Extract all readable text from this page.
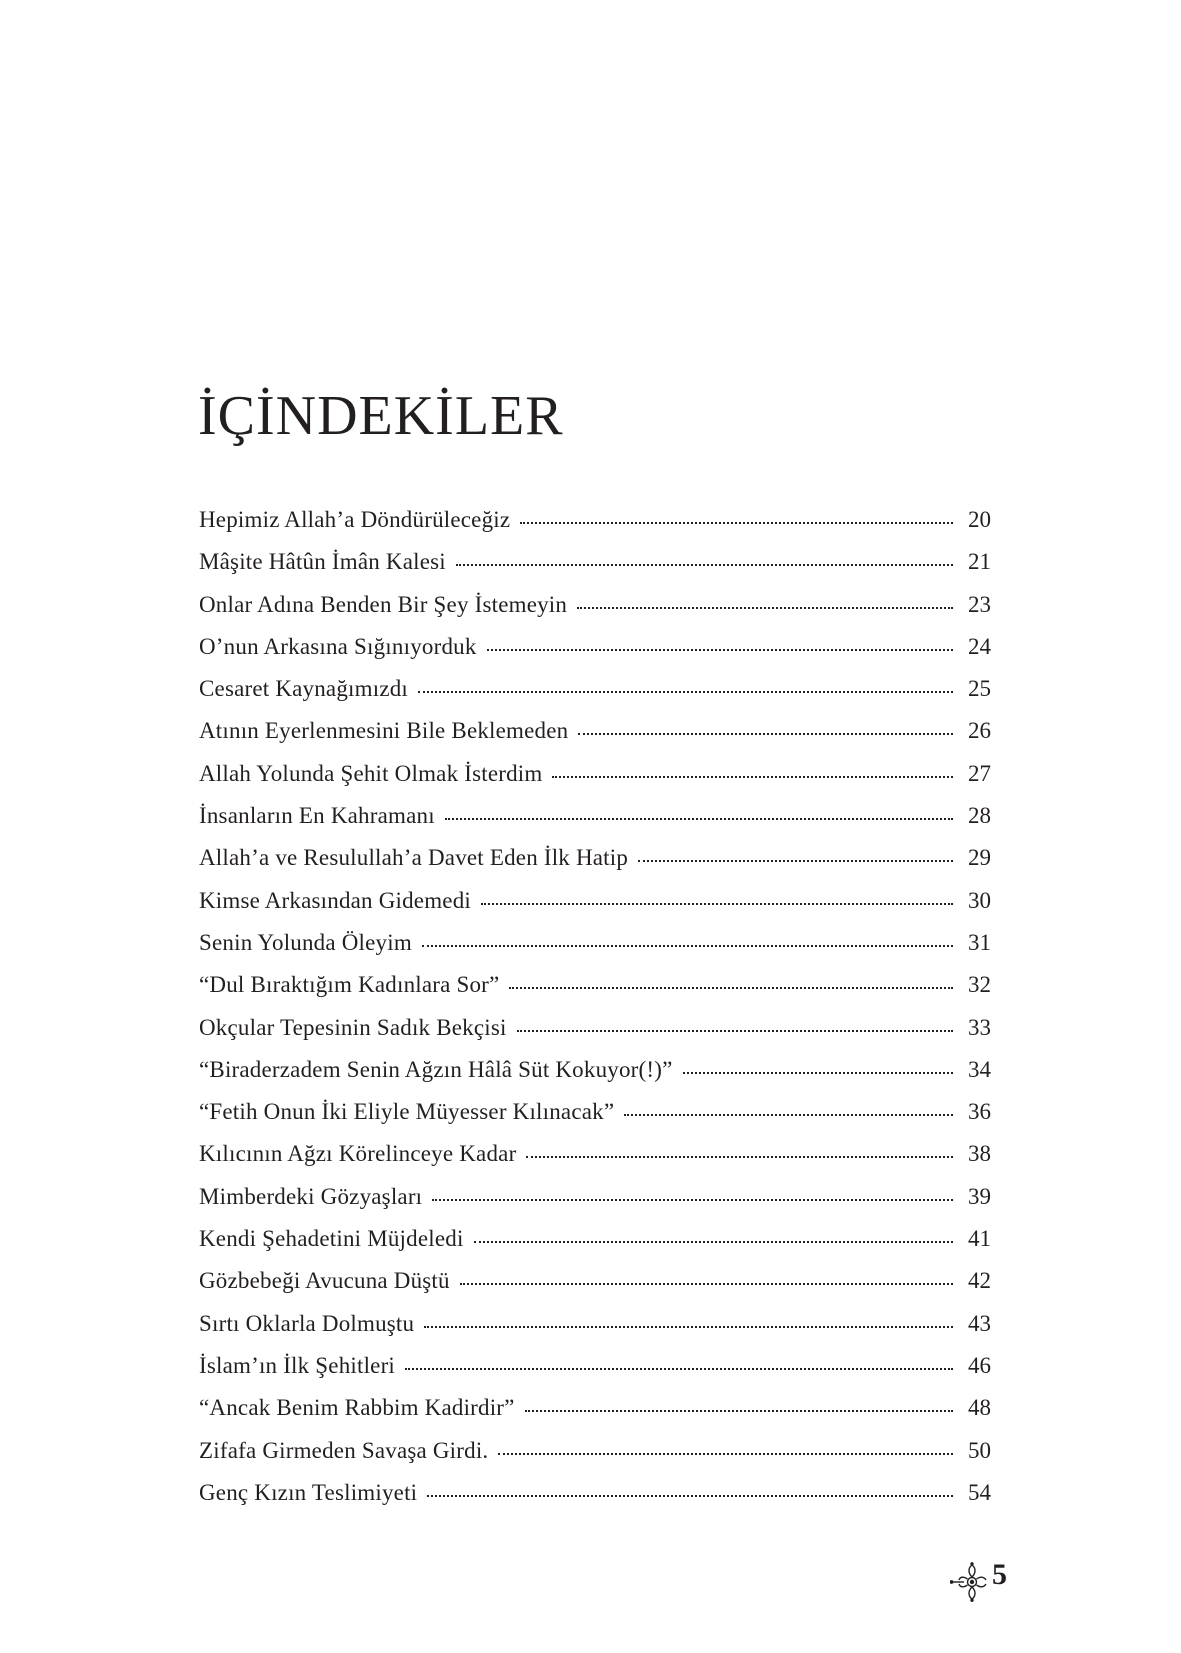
İÇİNDEKİLER
Hepimiz Allah’a Döndürüleceğiz	20
Mâşite Hâtûn İmân Kalesi	21
Onlar Adına Benden Bir Şey İstemeyin	23
O’nun Arkasına Sığınıyorduk	24
Cesaret Kaynağımızdı	25
Atının Eyerlenmesini Bile Beklemeden	26
Allah Yolunda Şehit Olmak İsterdim	27
İnsanların En Kahramanı	28
Allah’a ve Resulullah’a Davet Eden İlk Hatip	29
Kimse Arkasından Gidemedi	30
Senin Yolunda Öleyim	31
“Dul Bıraktığım Kadınlara Sor”	32
Okçular Tepesinin Sadık Bekçisi	33
“Biraderzadem Senin Ağzın Hâlâ Süt Kokuyor(!)”	34
“Fetih Onun İki Eliyle Müyesser Kılınacak”	36
Kılıcının Ağzı Körelinceye Kadar	38
Mimberdeki Gözyaşları	39
Kendi Şehadetini Müjdeledi	41
Gözbebeği Avucuna Düştü	42
Sırtı Oklarla Dolmuştu	43
İslam’ın İlk Şehitleri	46
“Ancak Benim Rabbim Kadirdir”	48
Zifafa Girmeden Savaşa Girdi.	50
Genç Kızın Teslimiyeti	54
5
